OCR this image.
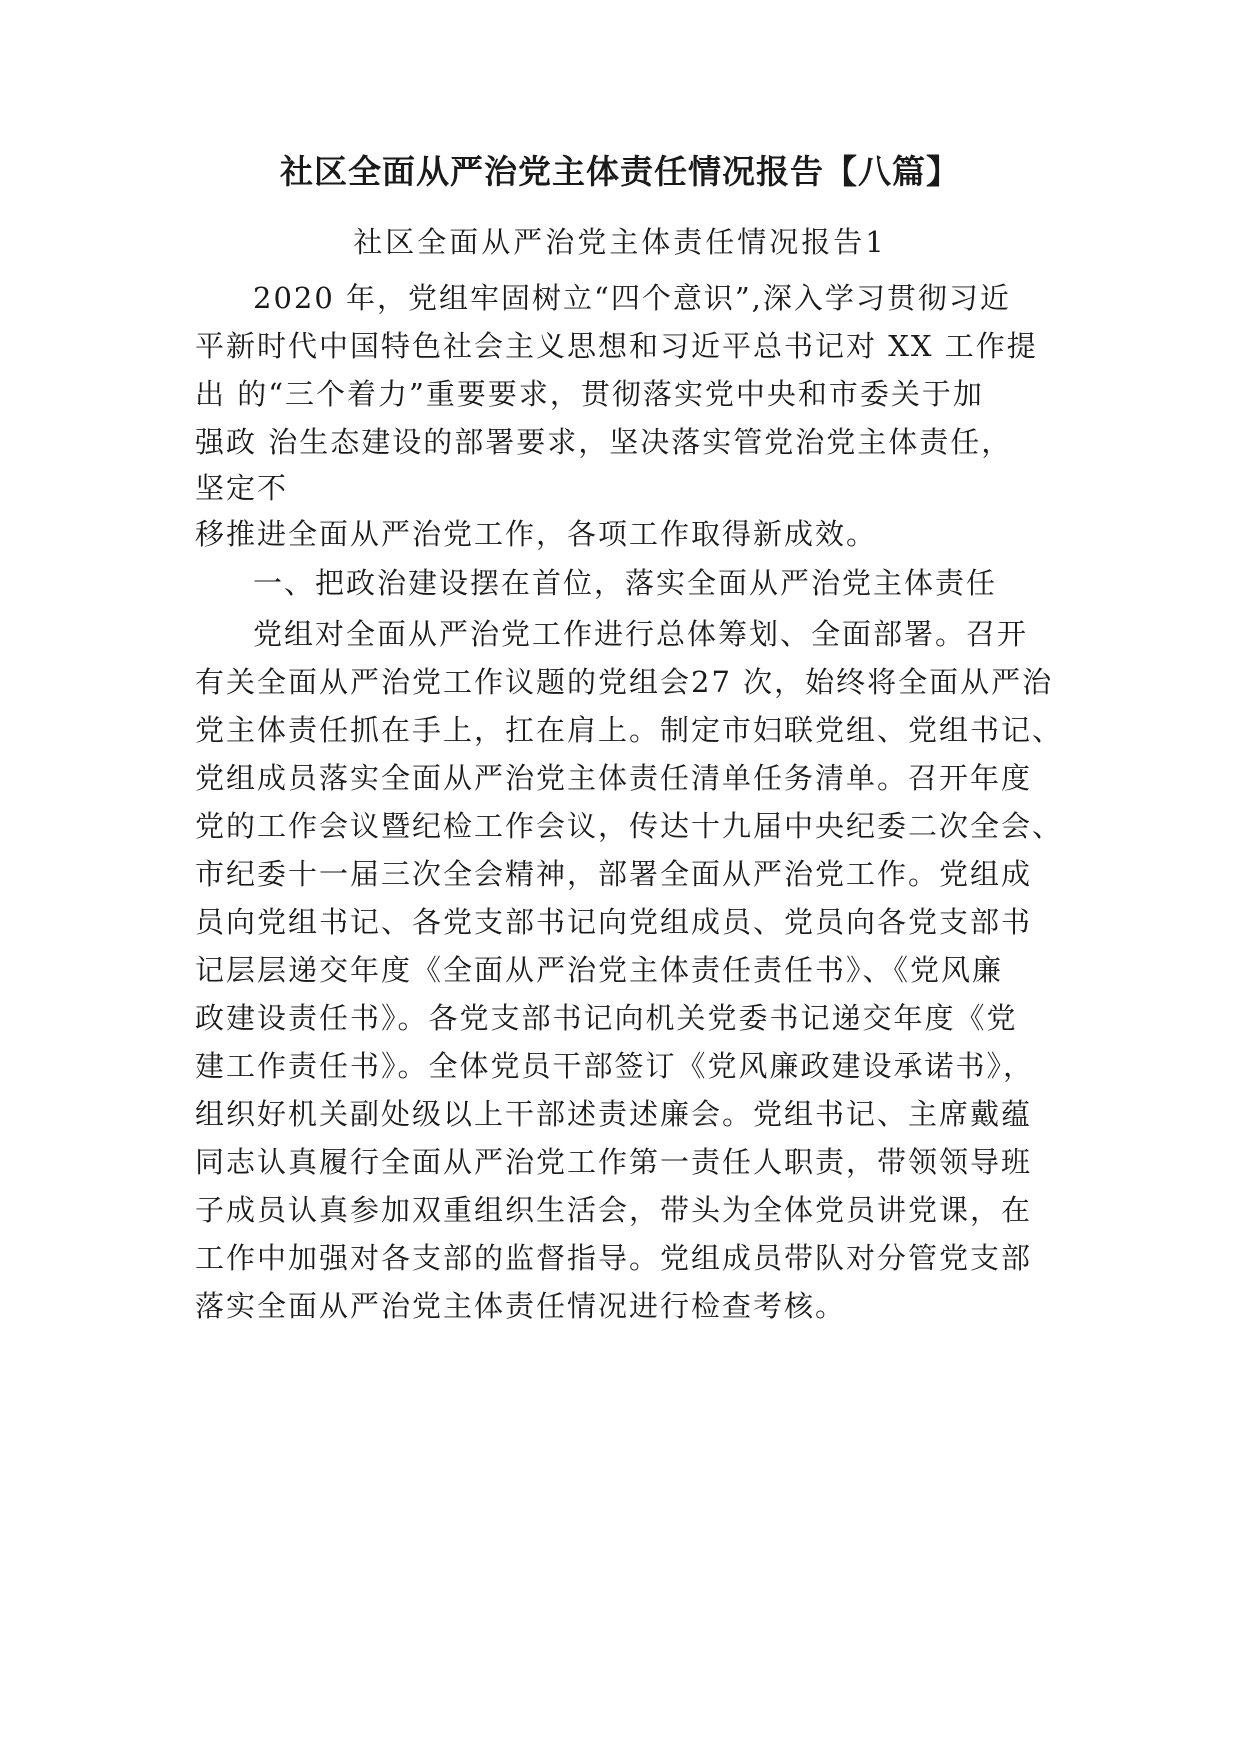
社区全面从严治党主体责任情况报告【八篇】
社区全面从严治党主体责任情况报告1
2020 年，党组牢固树立“四个意识”,深入学习贯彻习近
平新时代中国特色社会主义思想和习近平总书记对 XX 工作提
出 的“三个着力”重要要求，贯彻落实党中央和市委关于加
强政 治生态建设的部署要求，坚决落实管党治党主体责任，
坚定不
移推进全面从严治党工作，各项工作取得新成效。
一、把政治建设摆在首位，落实全面从严治党主体责任
党组对全面从严治党工作进行总体筹划、全面部署。召开
有关全面从严治党工作议题的党组会27 次，始终将全面从严治
党主体责任抓在手上，扛在肩上。制定市妇联党组、党组书记、
党组成员落实全面从严治党主体责任清单任务清单。召开年度
党的工作会议暨纪检工作会议，传达十九届中央纪委二次全会、
市纪委十一届三次全会精神，部署全面从严治党工作。党组成
员向党组书记、各党支部书记向党组成员、党员向各党支部书
记层层递交年度《全面从严治党主体责任责任书》、《党风廉
政建设责任书》。各党支部书记向机关党委书记递交年度《党
建工作责任书》。全体党员干部签订《党风廉政建设承诺书》，
组织好机关副处级以上干部述责述廉会。党组书记、主席戴蕴
同志认真履行全面从严治党工作第一责任人职责，带领领导班
子成员认真参加双重组织生活会，带头为全体党员讲党课，在
工作中加强对各支部的监督指导。党组成员带队对分管党支部
落实全面从严治党主体责任情况进行检查考核。
